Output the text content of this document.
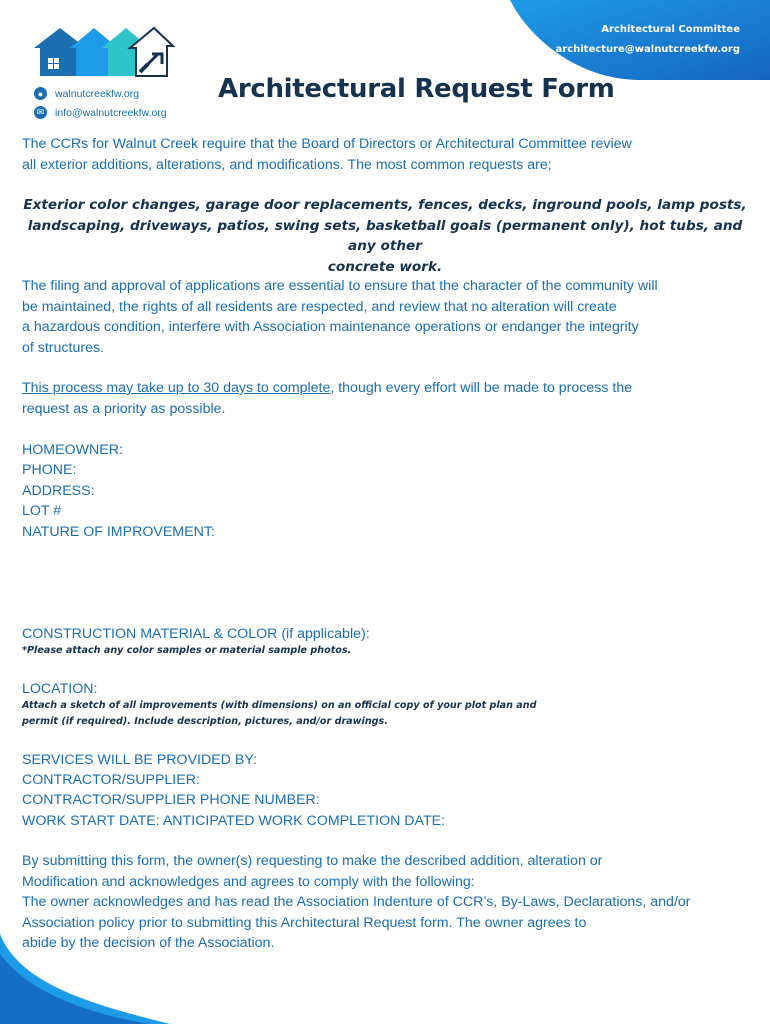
Architectural Committee
architecture@walnutcreekfw.org
●	walnutcreekfw.org
✉ info@walnutcreekfw.org
Architectural Request Form
The CCRs for Walnut Creek require that the Board of Directors or Architectural Committee review
all exterior additions, alterations, and modifications. The most common requests are;
Exterior color changes, garage door replacements, fences, decks, inground pools, lamp posts,
landscaping, driveways, patios, swing sets, basketball goals (permanent only), hot tubs, and any other
concrete work.
The filing and approval of applications are essential to ensure that the character of the community will
be maintained, the rights of all residents are respected, and review that no alteration will create
a hazardous condition, interfere with Association maintenance operations or endanger the integrity
of structures.
This process may take up to 30 days to complete, though every effort will be made to process the
request as a priority as possible.
HOMEOWNER:
PHONE:
ADDRESS:
LOT #
NATURE OF IMPROVEMENT:
CONSTRUCTION MATERIAL & COLOR (if applicable):
*Please attach any color samples or material sample photos.
LOCATION:
Attach a sketch of all improvements (with dimensions) on an official copy of your plot plan and
permit (if required). Include description, pictures, and/or drawings.
SERVICES WILL BE PROVIDED BY:
CONTRACTOR/SUPPLIER:
CONTRACTOR/SUPPLIER PHONE NUMBER:
WORK START DATE: ANTICIPATED WORK COMPLETION DATE:
By submitting this form, the owner(s) requesting to make the described addition, alteration or
Modification and acknowledges and agrees to comply with the following:
The owner acknowledges and has read the Association Indenture of CCR’s, By-Laws, Declarations, and/or
Association policy prior to submitting this Architectural Request form. The owner agrees to
abide by the decision of the Association.
